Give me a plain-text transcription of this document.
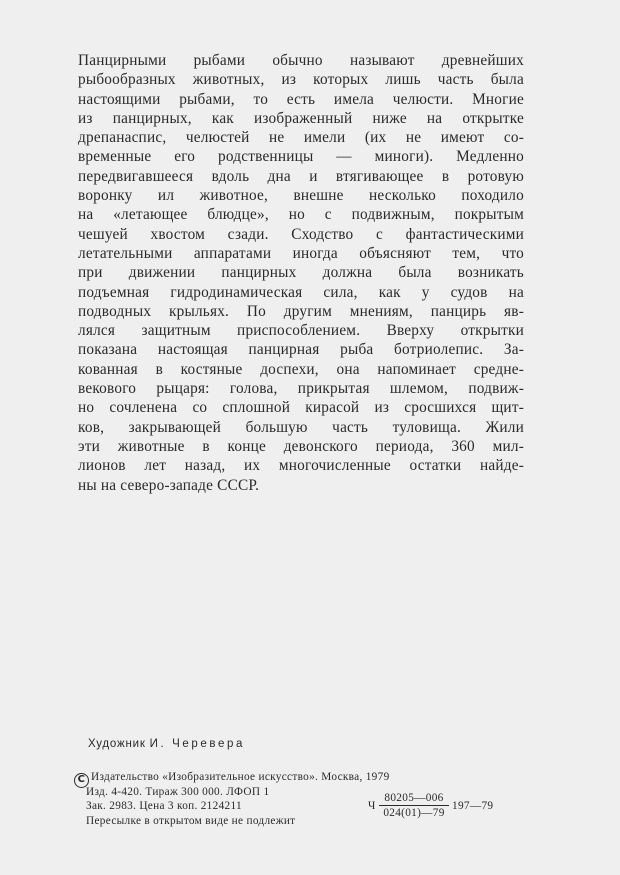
Панцирными рыбами обычно называют древнейших
рыбообразных животных, из которых лишь часть была
настоящими рыбами, то есть имела челюсти. Многие
из панцирных, как изображенный ниже на открытке
дрепанаспис, челюстей не имели (их не имеют со-
временные его родственницы — миноги). Медленно
передвигавшееся вдоль дна и втягивающее в ротовую
воронку ил животное, внешне несколько походило
на «летающее блюдце», но с подвижным, покрытым
чешуей хвостом сзади. Сходство с фантастическими
летательными аппаратами иногда объясняют тем, что
при движении панцирных должна была возникать
подъемная гидродинамическая сила, как у судов на
подводных крыльях. По другим мнениям, панцирь яв-
лялся защитным приспособлением. Вверху открытки
показана настоящая панцирная рыба ботриолепис. За-
кованная в костяные доспехи, она напоминает средне-
векового рыцаря: голова, прикрытая шлемом, подвиж-
но сочленена со сплошной кирасой из сросшихся щит-
ков, закрывающей большую часть туловища. Жили
эти животные в конце девонского периода, 360 мил-
лионов лет назад, их многочисленные остатки найде-
ны на северо-западе СССР.
Художник И. Черевера
C Издательство «Изобразительное искусство». Москва, 1979
Изд. 4-420. Тираж 300 000. ЛФОП 1
Зак. 2983. Цена 3 коп. 2124211
Пересылке в открытом виде не подлежит
Ч $\frac{80205—006}{024(01)—79}$ 197—79
